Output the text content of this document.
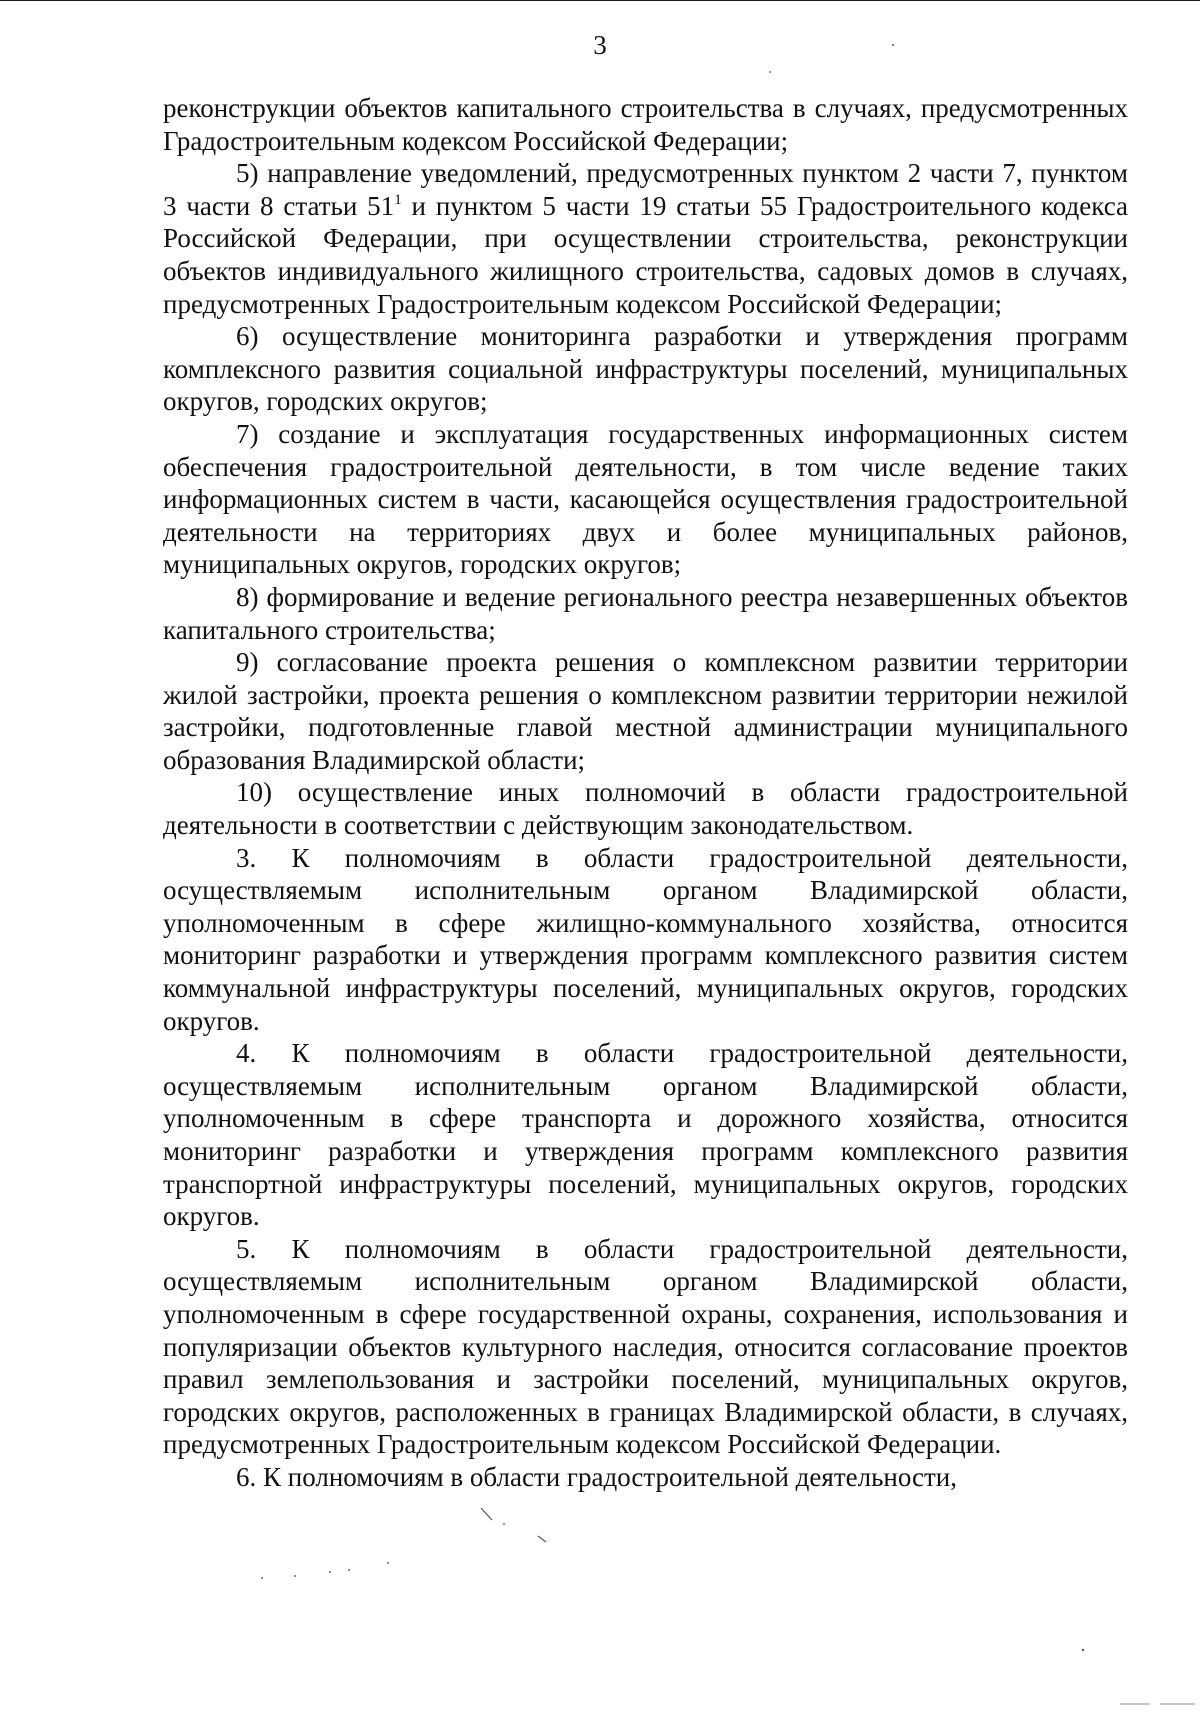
3

реконструкции объектов капитального строительства в случаях, предусмотренных Градостроительным кодексом Российской Федерации;

5) направление уведомлений, предусмотренных пунктом 2 части 7, пунктом 3 части 8 статьи $51^1$ и пунктом 5 части 19 статьи 55 Градостроительного кодекса Российской Федерации, при осуществлении строительства, реконструкции объектов индивидуального жилищного строительства, садовых домов в случаях, предусмотренных Градостроительным кодексом Российской Федерации;

6) осуществление мониторинга разработки и утверждения программ комплексного развития социальной инфраструктуры поселений, муниципальных округов, городских округов;

7) создание и эксплуатация государственных информационных систем обеспечения градостроительной деятельности, в том числе ведение таких информационных систем в части, касающейся осуществления градостроительной деятельности на территориях двух и более муниципальных районов, муниципальных округов, городских округов;

8) формирование и ведение регионального реестра незавершенных объектов капитального строительства;

9) согласование проекта решения о комплексном развитии территории жилой застройки, проекта решения о комплексном развитии территории нежилой застройки, подготовленные главой местной администрации муниципального образования Владимирской области;

10) осуществление иных полномочий в области градостроительной деятельности в соответствии с действующим законодательством.

3. К полномочиям в области градостроительной деятельности, осуществляемым исполнительным органом Владимирской области, уполномоченным в сфере жилищно-коммунального хозяйства, относится мониторинг разработки и утверждения программ комплексного развития систем коммунальной инфраструктуры поселений, муниципальных округов, городских округов.

4. К полномочиям в области градостроительной деятельности, осуществляемым исполнительным органом Владимирской области, уполномоченным в сфере транспорта и дорожного хозяйства, относится мониторинг разработки и утверждения программ комплексного развития транспортной инфраструктуры поселений, муниципальных округов, городских округов.

5. К полномочиям в области градостроительной деятельности, осуществляемым исполнительным органом Владимирской области, уполномоченным в сфере государственной охраны, сохранения, использования и популяризации объектов культурного наследия, относится согласование проектов правил землепользования и застройки поселений, муниципальных округов, городских округов, расположенных в границах Владимирской области, в случаях, предусмотренных Градостроительным кодексом Российской Федерации.

6. К полномочиям в области градостроительной деятельности,
